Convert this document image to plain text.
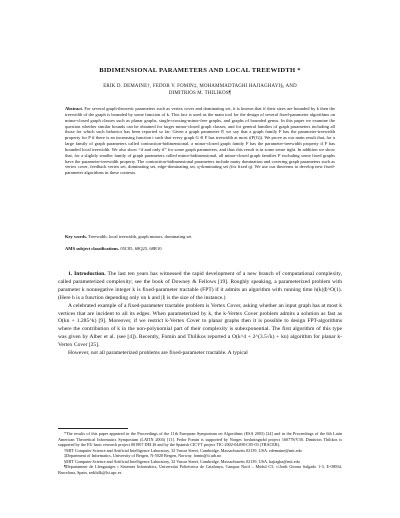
BIDIMENSIONAL PARAMETERS AND LOCAL TREEWIDTH *
ERIK D. DEMAINE†, FEDOR V. FOMIN‡, MOHAMMADTAGHI HAJIAGHAYI§, AND
DIMITRIOS M. THILIKOS¶
Abstract. For several graph-theoretic parameters such as vertex cover and dominating set, it is known that if their sizes are bounded by k then the treewidth of the graph is bounded by some function of k. This fact is used as the main tool for the design of several fixed-parameter algorithms on minor-closed graph classes such as planar graphs, single-crossing-minor-free graphs, and graphs of bounded genus. In this paper we examine the question whether similar bounds can be obtained for larger minor-closed graph classes, and for general families of graph parameters including all those for which such behavior has been reported so far. Given a graph parameter P, we say that a graph family F has the parameter-treewidth property for P if there is an increasing function t such that every graph G ∈ F has treewidth at most t(P(G)). We prove as our main result that, for a large family of graph parameters called contraction-bidimensional, a minor-closed graph family F has the parameter-treewidth property if F has bounded local treewidth. We also show “if and only if” for some graph parameters, and thus this result is in some sense tight. In addition we show that, for a slightly smaller family of graph parameters called minor-bidimensional, all minor-closed graph families F excluding some fixed graphs have the parameter-treewidth property. The contraction-bidimensional parameters include many domination and covering graph parameters such as vertex cover, feedback vertex set, dominating set, edge-dominating set, q-dominating set (for fixed q). We use our theorems to develop new fixed-parameter algorithms in these contexts.
Key words. Treewidth, local treewidth, graph minors, dominating set
AMS subject classifications. 05C85, 68Q25, 68R10

1. Introduction. The last ten years has witnessed the rapid development of a new branch of computational complexity, called parameterized complexity; see the book of Downey & Fellows [19]. Roughly speaking, a parameterized problem with parameter k nonnegative integer k is fixed-parameter tractable (FPT) if it admits an algorithm with running time h(k)|I|^O(1). (Here h is a function depending only on k and |I| is the size of the instance.)

A celebrated example of a fixed-parameter tractable problem is Vertex Cover, asking whether an input graph has at most k vertices that are incident to all its edges. When parameterized by k, the k-Vertex Cover problem admits a solution as fast as O(kn + 1.285^k) [9]. Moreover, if we restrict k-Vertex Cover to planar graphs then it is possible to design FPT-algorithms where the contribution of k in the non-polynomial part of their complexity is subexponential. The first algorithm of this type was given by Alber et al. (see [4]). Recently, Fomin and Thilikos reported a O(k^4 + 2^(3.5√k) + kn) algorithm for planar k-Vertex Cover [25].

However, not all parameterized problems are fixed-parameter tractable. A typical

*The results of this paper appeared in the Proceedings of the 11th European Symposium on Algorithms (ESA 2003) [24] and in the Proceedings of the 6th Latin American Theoretical Informatics Symposium (LATIN 2004) [11]. Fedor Fomin is supported by Norges forskningsråd project 160778/V30. Dimitrios Thilikos is supported by the EU basic research project 001907 DELIS and by the Spanish CICYT project TIC-2002-04498-C05-03 (TRACER).

†MIT Computer Science and Artificial Intelligence Laboratory, 32 Vassar Street, Cambridge, Massachusetts 02139, USA. edemaine@mit.edu

‡Department of Informatics, University of Bergen, N-5020 Bergen, Norway. fomin@ii.uib.no

§MIT Computer Science and Artificial Intelligence Laboratory, 32 Vassar Street, Cambridge, Massachusetts 02139, USA. hajiagha@mit.edu

¶Departament de Llenguatges i Sistemes Informàtics, Universitat Politècnica de Catalunya, Campus Nord – Mòdul C5, c/Jordi Girona Salgado 1-3, E-08034, Barcelona, Spain, sedthilk@lsi.upc.es
